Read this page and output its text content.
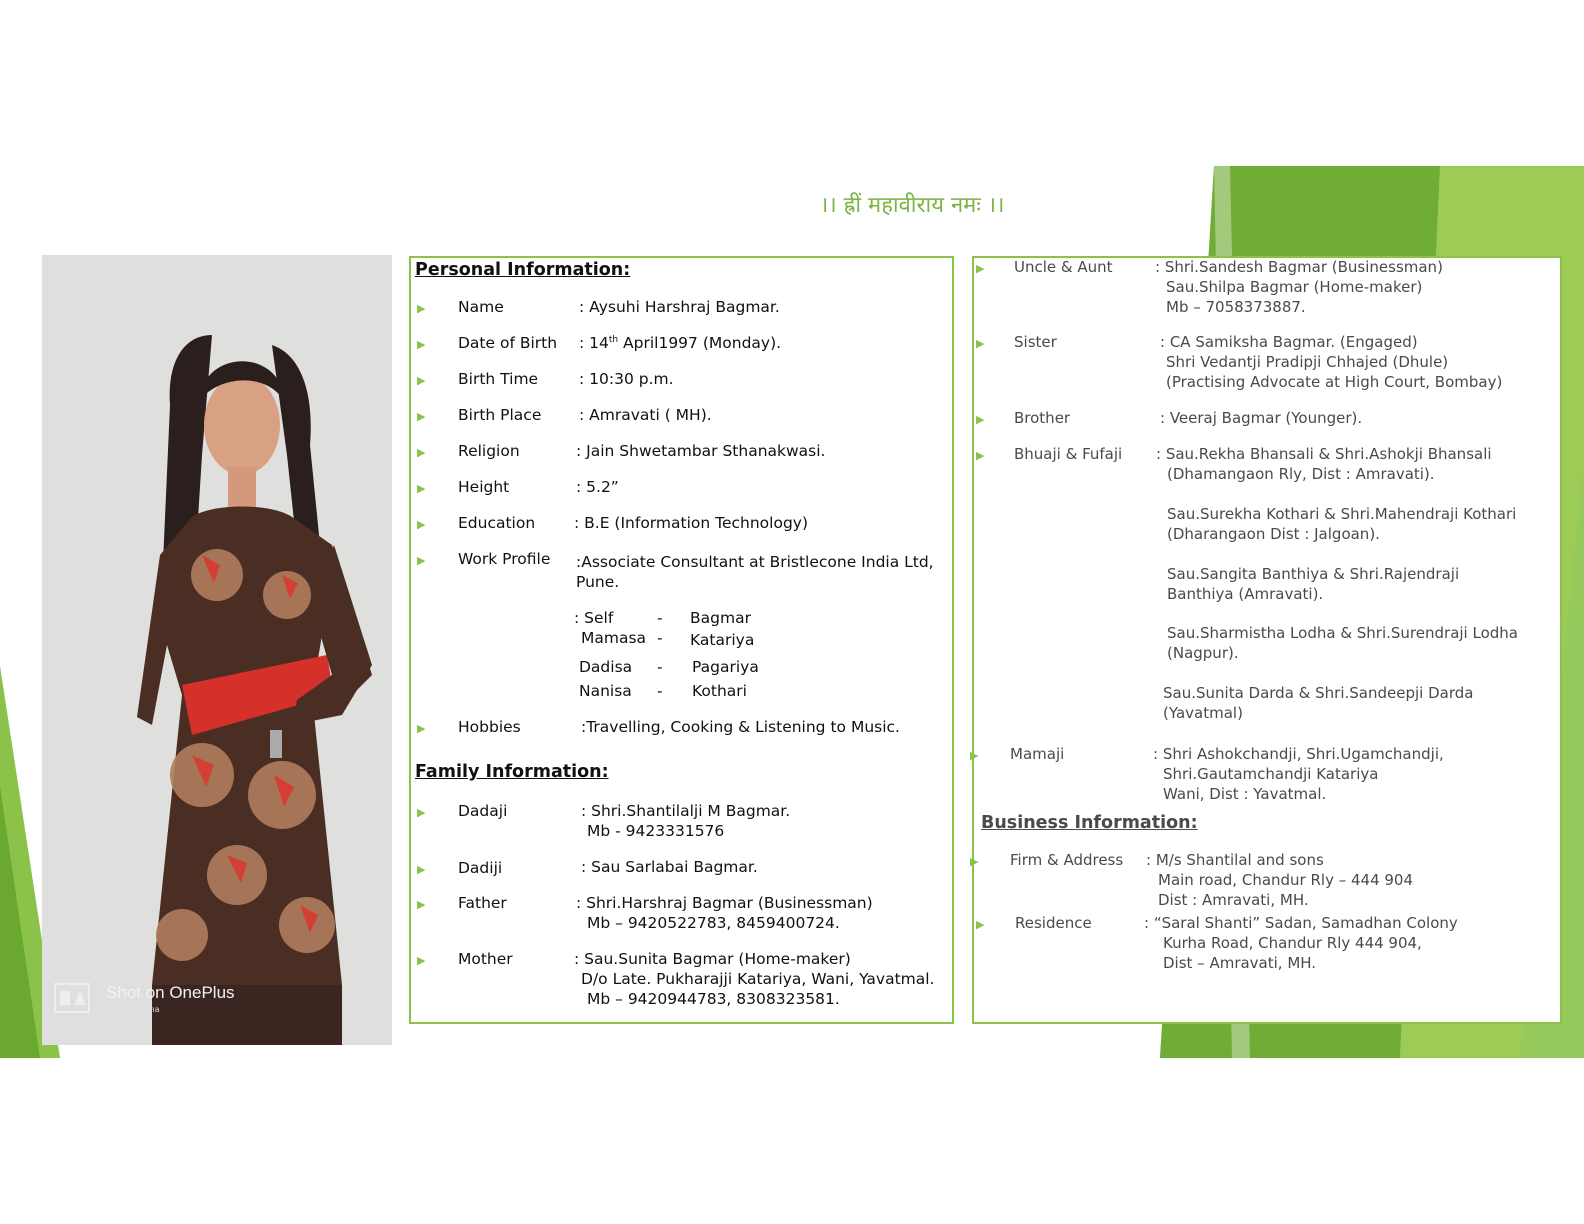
।। ह्रीं महावीराय नमः ।।
Shot on OnePlus
By Samiksha
Personal Information:
▶ Name	: Aysuhi Harshraj Bagmar.
▶ Date of Birth : 14th April1997 (Monday).
▶ Birth Time	: 10:30 p.m.
▶ Birth Place : Amravati ( MH).
▶ Religion	: Jain Shwetambar Sthanakwasi.
▶ Height	: 5.2”
▶ Education	: B.E (Information Technology)
▶ Work Profile :Associate Consultant at Bristlecone India Ltd,
Pune.
: Self	- Bagmar
Mamasa - Katariya
Dadisa - Pagariya
Nanisa - Kothari
▶ Hobbies	:Travelling, Cooking & Listening to Music.
Family Information:
▶ Dadaji	: Shri.Shantilalji M Bagmar.
Mb - 9423331576
▶ Dadiji	: Sau Sarlabai Bagmar.
▶ Father	: Shri.Harshraj Bagmar (Businessman)
Mb – 9420522783, 8459400724.
▶ Mother	: Sau.Sunita Bagmar (Home-maker)
D/o Late. Pukharajji Katariya, Wani, Yavatmal.
Mb – 9420944783, 8308323581.
▶ Uncle & Aunt	: Shri.Sandesh Bagmar (Businessman)
Sau.Shilpa Bagmar (Home-maker)
Mb – 7058373887.
▶ Sister	: CA Samiksha Bagmar. (Engaged)
Shri Vedantji Pradipji Chhajed (Dhule)
(Practising Advocate at High Court, Bombay)
▶ Brother	: Veeraj Bagmar (Younger).
▶ Bhuaji & Fufaji : Sau.Rekha Bhansali & Shri.Ashokji Bhansali
(Dhamangaon Rly, Dist : Amravati).
Sau.Surekha Kothari & Shri.Mahendraji Kothari
(Dharangaon Dist : Jalgoan).
Sau.Sangita Banthiya & Shri.Rajendraji
Banthiya (Amravati).
Sau.Sharmistha Lodha & Shri.Surendraji Lodha
(Nagpur).
Sau.Sunita Darda & Shri.Sandeepji Darda
(Yavatmal)
▶ Mamaji	: Shri Ashokchandji, Shri.Ugamchandji,
Shri.Gautamchandji Katariya
Wani, Dist : Yavatmal.
Business Information:
▶ Firm & Address : M/s Shantilal and sons
Main road, Chandur Rly – 444 904
Dist : Amravati, MH.
▶ Residence	: “Saral Shanti” Sadan, Samadhan Colony
Kurha Road, Chandur Rly 444 904,
Dist – Amravati, MH.
